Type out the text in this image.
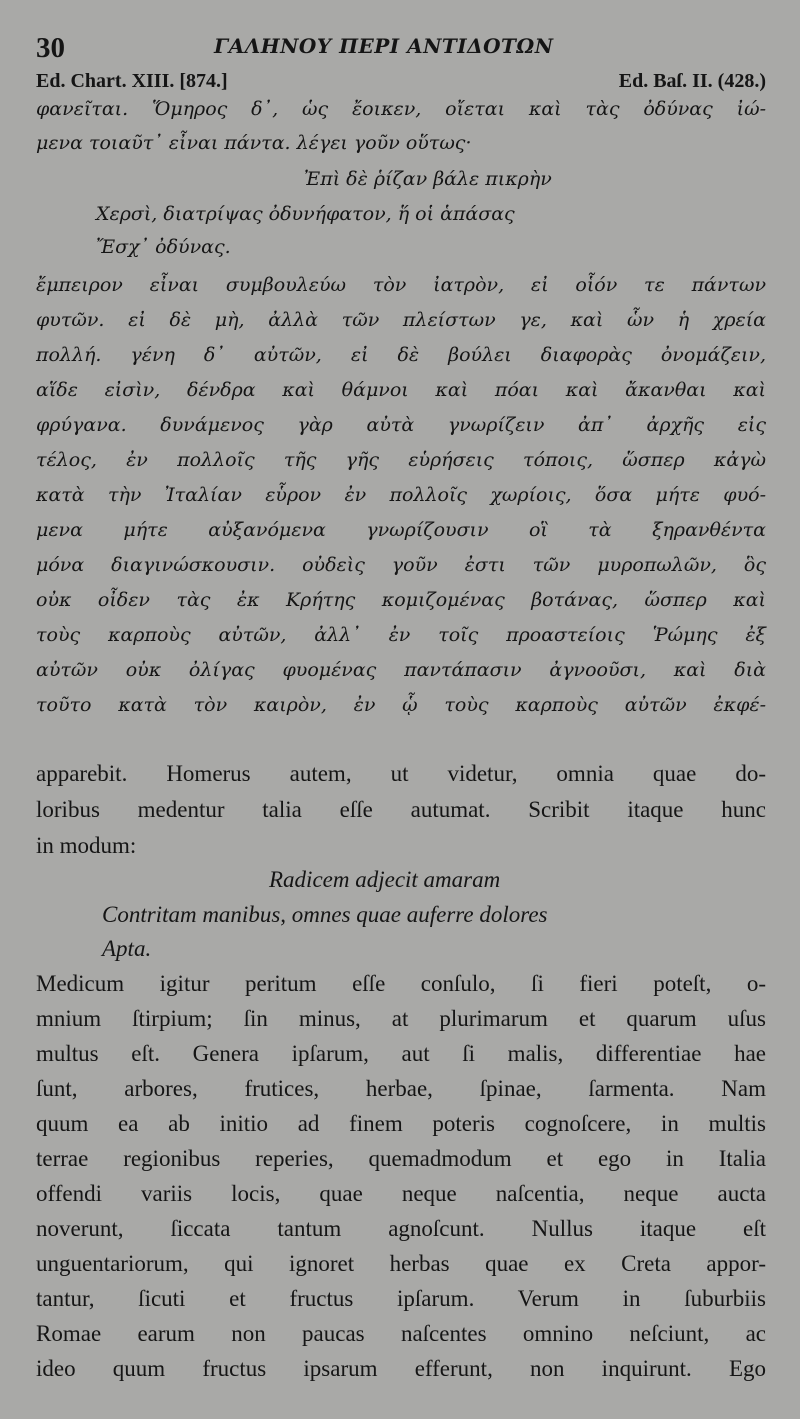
30	ΓΑΛΗΝΟΥ ΠΕΡΙ ΑΝΤΙΔΟΤΩΝ
Ed. Chart. XIII. [874.]	Ed. Baſ. II. (428.)
φανεῖται. Ὅμηρος δ᾽, ὡς ἔοικεν, οἴεται καὶ τὰς ὀδύνας ἰώ-
μενα τοιαῦτ᾽ εἶναι πάντα. λέγει γοῦν οὕτως·
Ἐπὶ δὲ ῥίζαν βάλε πικρὴν
Χερσὶ, διατρίψας ὀδυνήφατον, ἥ οἱ ἁπάσας
Ἔσχ᾽ ὀδύνας.
ἔμπειρον εἶναι συμβουλεύω τὸν ἰατρὸν, εἰ οἷόν τε πάντων
φυτῶν. εἰ δὲ μὴ, ἀλλὰ τῶν πλείστων γε, καὶ ὧν ἡ χρεία
πολλή. γένη δ᾽ αὐτῶν, εἰ δὲ βούλει διαφορὰς ὀνομάζειν,
αἵδε εἰσὶν, δένδρα καὶ θάμνοι καὶ πόαι καὶ ἄκανθαι καὶ
φρύγανα. δυνάμενος γὰρ αὐτὰ γνωρίζειν ἀπ᾽ ἀρχῆς εἰς
τέλος, ἐν πολλοῖς τῆς γῆς εὑρήσεις τόποις, ὥσπερ κἀγὼ
κατὰ τὴν Ἰταλίαν εὗρον ἐν πολλοῖς χωρίοις, ὅσα μήτε φυό-
μενα μήτε αὐξανόμενα γνωρίζουσιν οἳ τὰ ξηρανθέντα
μόνα διαγινώσκουσιν. οὐδεὶς γοῦν ἐστι τῶν μυροπωλῶν, ὃς
οὐκ οἶδεν τὰς ἐκ Κρήτης κομιζομένας βοτάνας, ὥσπερ καὶ
τοὺς καρποὺς αὐτῶν, ἀλλ᾽ ἐν τοῖς προαστείοις Ῥώμης ἐξ
αὐτῶν οὐκ ὀλίγας φυομένας παντάπασιν ἀγνοοῦσι, καὶ διὰ
τοῦτο κατὰ τὸν καιρὸν, ἐν ᾧ τοὺς καρποὺς αὐτῶν ἐκφέ-
apparebit. Homerus autem, ut videtur, omnia quae do-
loribus medentur talia eſſe autumat. Scribit itaque hunc
in modum:
Radicem adjecit amaram
Contritam manibus, omnes quae auferre dolores
Apta.
Medicum igitur peritum eſſe conſulo, ſi fieri poteſt, o-
mnium ſtirpium; ſin minus, at plurimarum et quarum uſus
multus eſt. Genera ipſarum, aut ſi malis, differentiae hae
ſunt, arbores, frutices, herbae, ſpinae, ſarmenta. Nam
quum ea ab initio ad finem poteris cognoſcere, in multis
terrae regionibus reperies, quemadmodum et ego in Italia
offendi variis locis, quae neque naſcentia, neque aucta
noverunt, ſiccata tantum agnoſcunt. Nullus itaque eſt
unguentariorum, qui ignoret herbas quae ex Creta appor-
tantur, ſicuti et fructus ipſarum. Verum in ſuburbiis
Romae earum non paucas naſcentes omnino neſciunt, ac
ideo quum fructus ipsarum efferunt, non inquirunt. Ego
